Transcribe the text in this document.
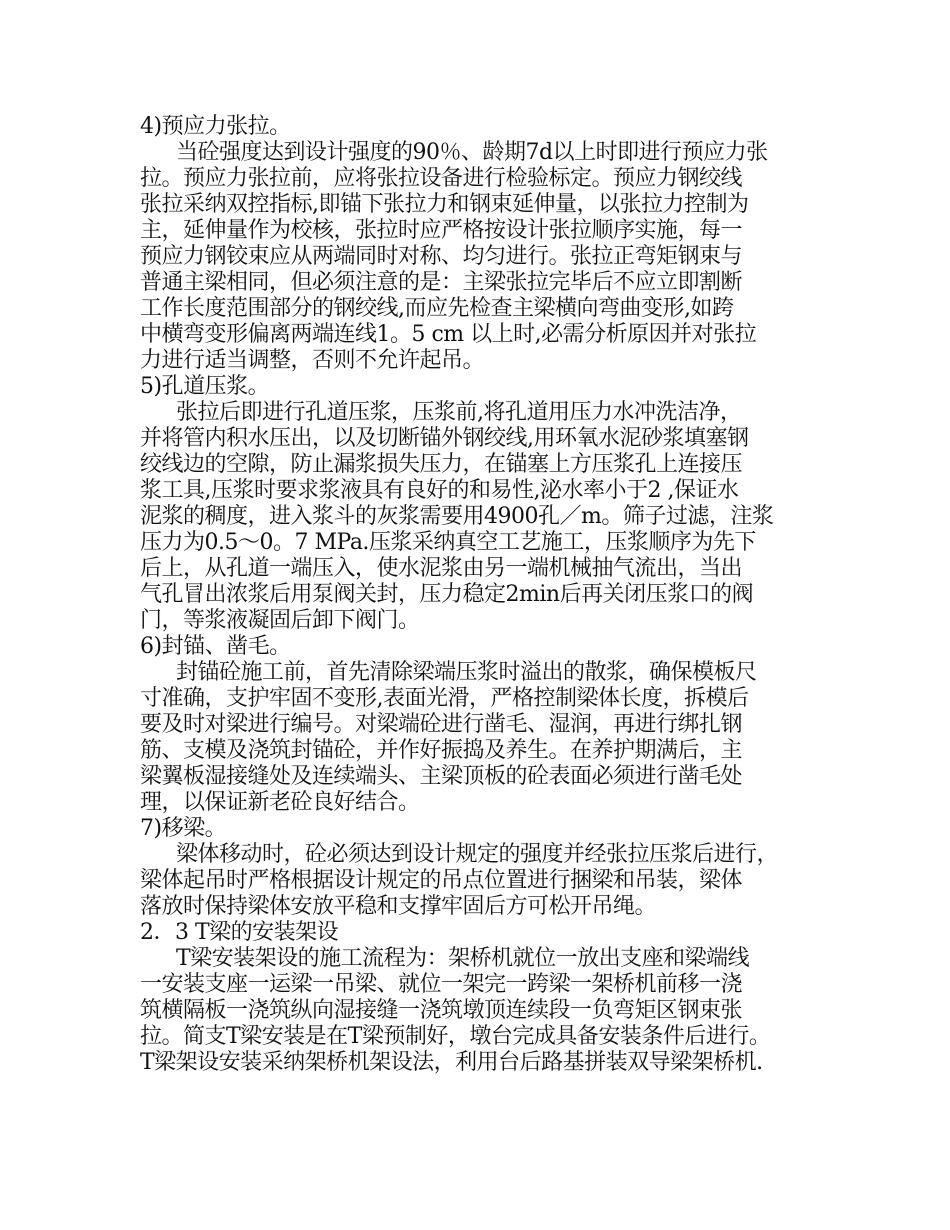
4)预应力张拉。
当砼强度达到设计强度的90％、龄期7d以上时即进行预应力张
拉。预应力张拉前，应将张拉设备进行检验标定。预应力钢绞线
张拉采纳双控指标,即锚下张拉力和钢束延伸量，以张拉力控制为
主，延伸量作为校核，张拉时应严格按设计张拉顺序实施，每一
预应力钢铰束应从两端同时对称、均匀进行。张拉正弯矩钢束与
普通主梁相同，但必须注意的是：主梁张拉完毕后不应立即割断
工作长度范围部分的钢绞线,而应先检查主梁横向弯曲变形,如跨
中横弯变形偏离两端连线1。5 cm 以上时,必需分析原因并对张拉
力进行适当调整，否则不允许起吊。
5)孔道压浆。
张拉后即进行孔道压浆，压浆前,将孔道用压力水冲洗洁净，
并将管内积水压出，以及切断锚外钢绞线,用环氧水泥砂浆填塞钢
绞线边的空隙，防止漏浆损失压力，在锚塞上方压浆孔上连接压
浆工具,压浆时要求浆液具有良好的和易性,泌水率小于2 ,保证水
泥浆的稠度，进入浆斗的灰浆需要用4900孔／m。筛子过滤，注浆
压力为0.5～0。7 MPa.压浆采纳真空工艺施工，压浆顺序为先下
后上，从孔道一端压入，使水泥浆由另一端机械抽气流出，当出
气孔冒出浓浆后用泵阀关封，压力稳定2min后再关闭压浆口的阀
门，等浆液凝固后卸下阀门。
6)封锚、凿毛。
封锚砼施工前，首先清除梁端压浆时溢出的散浆，确保模板尺
寸准确，支护牢固不变形,表面光滑，严格控制梁体长度，拆模后
要及时对梁进行编号。对梁端砼进行凿毛、湿润，再进行绑扎钢
筋、支模及浇筑封锚砼，并作好振捣及养生。在养护期满后，主
梁翼板湿接缝处及连续端头、主梁顶板的砼表面必须进行凿毛处
理，以保证新老砼良好结合。
7)移梁。
梁体移动时，砼必须达到设计规定的强度并经张拉压浆后进行，
梁体起吊时严格根据设计规定的吊点位置进行捆梁和吊装，梁体
落放时保持梁体安放平稳和支撑牢固后方可松开吊绳。
2．3 T梁的安装架设
T梁安装架设的施工流程为：架桥机就位一放出支座和梁端线
一安装支座一运梁一吊梁、就位一架完一跨梁一架桥机前移一浇
筑横隔板一浇筑纵向湿接缝一浇筑墩顶连续段一负弯矩区钢束张
拉。简支T梁安装是在T梁预制好，墩台完成具备安装条件后进行。
T梁架设安装采纳架桥机架设法，利用台后路基拼装双导梁架桥机.
